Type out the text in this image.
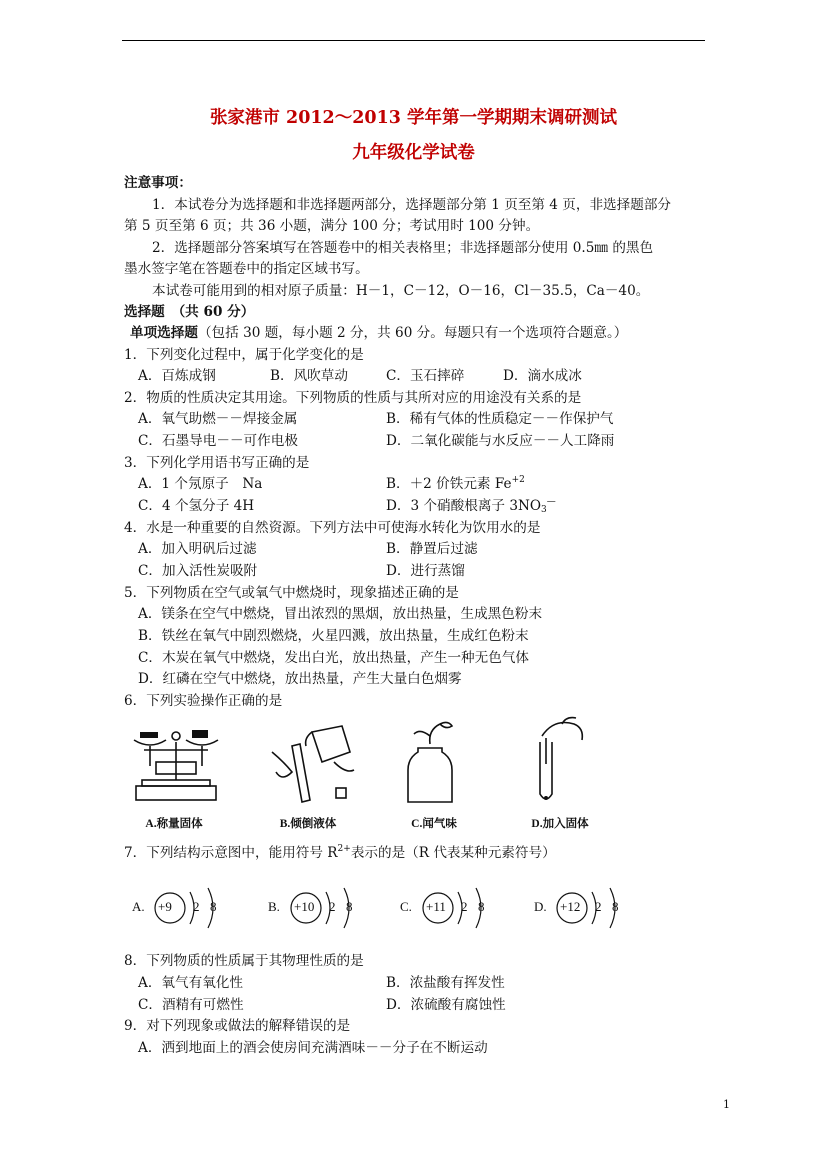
张家港市 2012～2013 学年第一学期期末调研测试
九年级化学试卷
注意事项：
1．本试卷分为选择题和非选择题两部分，选择题部分第 1 页至第 4 页，非选择题部分
第 5 页至第 6 页；共 36 小题，满分 100 分；考试用时 100 分钟。
2．选择题部分答案填写在答题卷中的相关表格里；非选择题部分使用 0.5㎜ 的黑色
墨水签字笔在答题卷中的指定区域书写。
本试卷可能用到的相对原子质量：H－1，C－12，O－16，Cl－35.5，Ca－40。
选择题　（共 60 分）
单项选择题（包括 30 题，每小题 2 分，共 60 分。每题只有一个选项符合题意。）
1．下列变化过程中，属于化学变化的是
A．百炼成钢	B．风吹草动	C．玉石摔碎	D．滴水成冰
2．物质的性质决定其用途。下列物质的性质与其所对应的用途没有关系的是
A．氧气助燃－－焊接金属	B．稀有气体的性质稳定－－作保护气
C．石墨导电－－可作电极	D．二氧化碳能与水反应－－人工降雨
3．下列化学用语书写正确的是
A．1 个氖原子　Na	B．＋2 价铁元素 $Fe^{+2}$
C．4 个氢分子 4H	D．3 个硝酸根离子 $3NO_3^—$
4．水是一种重要的自然资源。下列方法中可使海水转化为饮用水的是
A．加入明矾后过滤	B．静置后过滤
C．加入活性炭吸附	D．进行蒸馏
5．下列物质在空气或氧气中燃烧时，现象描述正确的是
A．镁条在空气中燃烧，冒出浓烈的黑烟，放出热量，生成黑色粉末
B．铁丝在氧气中剧烈燃烧，火星四溅，放出热量，生成红色粉末
C．木炭在氧气中燃烧，发出白光，放出热量，产生一种无色气体
D．红磷在空气中燃烧，放出热量，产生大量白色烟雾
6．下列实验操作正确的是
A.称量固体	B.倾倒液体	C.闻气味	D.加入固体
7．下列结构示意图中，能用符号 $R^{2+}$表示的是（R 代表某种元素符号）
A. +9 2 8	B. +10 2 8	C. +11 2 8	D. +12 2 8
8．下列物质的性质属于其物理性质的是
A．氧气有氧化性	B．浓盐酸有挥发性
C．酒精有可燃性	D．浓硫酸有腐蚀性
9．对下列现象或做法的解释错误的是
A．洒到地面上的酒会使房间充满酒味－－分子在不断运动
1
